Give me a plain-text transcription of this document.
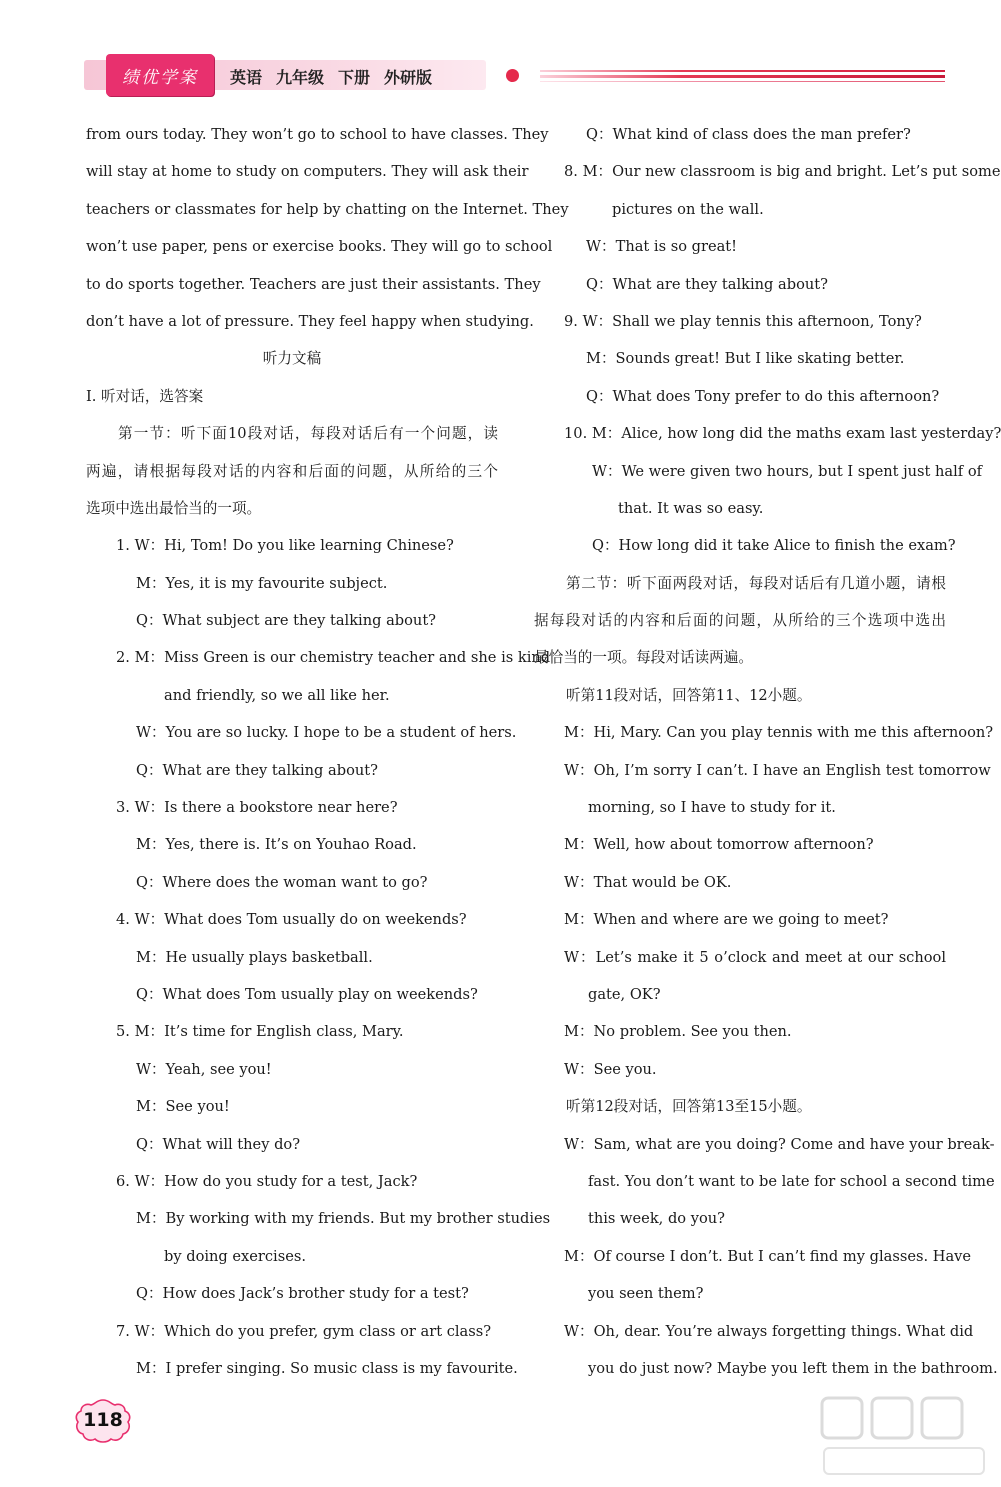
绩优学案	英语 九年级 下册 外研版
from ours today. They won’t go to school to have classes. They
will stay at home to study on computers. They will ask their
teachers or classmates for help by chatting on the Internet. They
won’t use paper, pens or exercise books. They will go to school
to do sports together. Teachers are just their assistants. They
don’t have a lot of pressure. They feel happy when studying.
听力文稿
Ⅰ. 听对话，选答案
第一节：听下面10段对话，每段对话后有一个问题，读
两遍，请根据每段对话的内容和后面的问题，从所给的三个
选项中选出最恰当的一项。
1. W：Hi, Tom! Do you like learning Chinese?
M：Yes, it is my favourite subject.
Q：What subject are they talking about?
2. M：Miss Green is our chemistry teacher and she is kind
and friendly, so we all like her.
W：You are so lucky. I hope to be a student of hers.
Q：What are they talking about?
3. W：Is there a bookstore near here?
M：Yes, there is. It’s on Youhao Road.
Q：Where does the woman want to go?
4. W：What does Tom usually do on weekends?
M：He usually plays basketball.
Q：What does Tom usually play on weekends?
5. M：It’s time for English class, Mary.
W：Yeah, see you!
M：See you!
Q：What will they do?
6. W：How do you study for a test, Jack?
M：By working with my friends. But my brother studies
by doing exercises.
Q：How does Jack’s brother study for a test?
7. W：Which do you prefer, gym class or art class?
M：I prefer singing. So music class is my favourite.
Q：What kind of class does the man prefer?
8. M：Our new classroom is big and bright. Let’s put some
pictures on the wall.
W：That is so great!
Q：What are they talking about?
9. W：Shall we play tennis this afternoon, Tony?
M：Sounds great! But I like skating better.
Q：What does Tony prefer to do this afternoon?
10. M：Alice, how long did the maths exam last yesterday?
W：We were given two hours, but I spent just half of
that. It was so easy.
Q：How long did it take Alice to finish the exam?
第二节：听下面两段对话，每段对话后有几道小题，请根
据每段对话的内容和后面的问题，从所给的三个选项中选出
最恰当的一项。每段对话读两遍。
听第11段对话，回答第11、12小题。
M：Hi, Mary. Can you play tennis with me this afternoon?
W：Oh, I’m sorry I can’t. I have an English test tomorrow
morning, so I have to study for it.
M：Well, how about tomorrow afternoon?
W：That would be OK.
M：When and where are we going to meet?
W：Let’s make it 5 o’clock and meet at our school
gate, OK?
M：No problem. See you then.
W：See you.
听第12段对话，回答第13至15小题。
W：Sam, what are you doing? Come and have your break-
fast. You don’t want to be late for school a second time
this week, do you?
M：Of course I don’t. But I can’t find my glasses. Have
you seen them?
W：Oh, dear. You’re always forgetting things. What did
you do just now? Maybe you left them in the bathroom.
118
